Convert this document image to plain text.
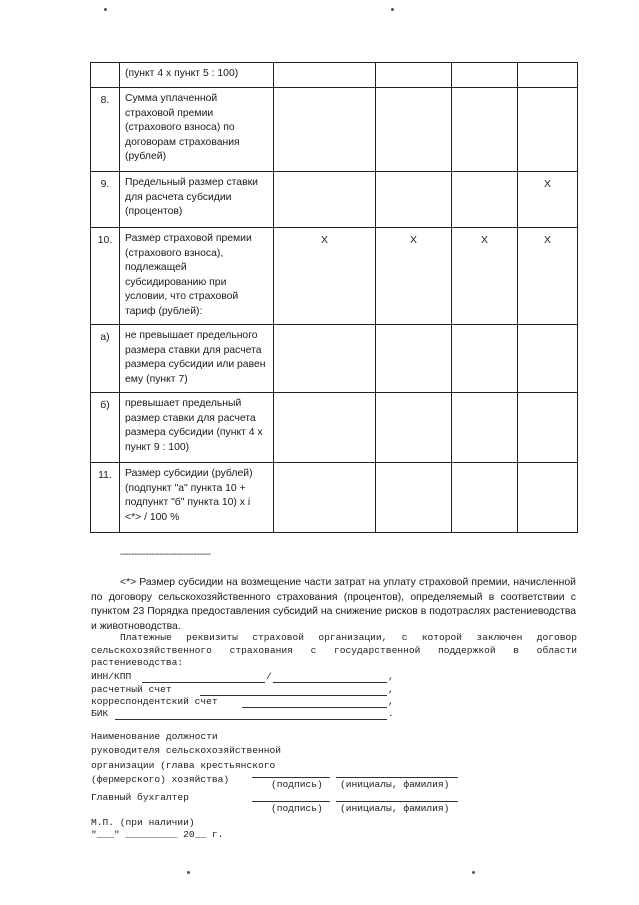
	(пункт 4 х пункт 5 : 100)				
8.	Сумма уплаченной страховой премии (страхового взноса) по договорам страхования (рублей)				
9.	Предельный размер ставки для расчета субсидии (процентов)				X
10.	Размер страховой премии (страхового взноса), подлежащей субсидированию при условии, что страховой тариф (рублей):	X	X	X	X
а)	не превышает предельного размера ставки для расчета размера субсидии или равен ему (пункт 7)				
б)	превышает предельный размер ставки для расчета размера субсидии (пункт 4 х пункт 9 : 100)				
11.	Размер субсидии (рублей) (подпункт "а" пункта 10 + подпункт "б" пункта 10) х i <*> / 100 %				
--------------------------------
<*> Размер субсидии на возмещение части затрат на уплату страховой премии, начисленной по договору сельскохозяйственного страхования (процентов), определяемый в соответствии с пунктом 23 Порядка предоставления субсидий на снижение рисков в подотраслях растениеводства и животноводства.
Платежные реквизиты страховой организации, с которой заключен договор сельскохозяйственного страхования с государственной поддержкой в области растениеводства:
ИНН/КПП	/	,
расчетный счет	,
корреспондентский счет	,
БИК	.
Наименование должности
руководителя сельскохозяйственной
организации (глава крестьянского
(фермерского) хозяйства)	(подпись) (инициалы, фамилия)
Главный бухгалтер
(подпись) (инициалы, фамилия)
М.П. (при наличии)
"___" _________ 20__ г.
